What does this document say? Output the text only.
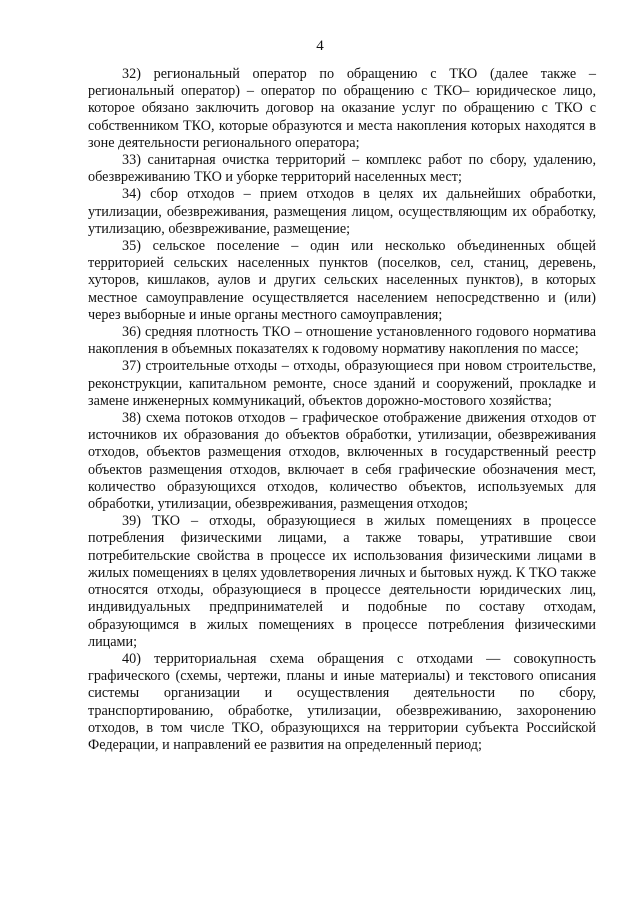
4

32) региональный оператор по обращению с ТКО (далее также – региональный оператор) – оператор по обращению с ТКО– юридическое лицо, которое обязано заключить договор на оказание услуг по обращению с ТКО с собственником ТКО, которые образуются и места накопления которых находятся в зоне деятельности регионального оператора;

33) санитарная очистка территорий – комплекс работ по сбору, удалению, обезвреживанию ТКО и уборке территорий населенных мест;

34) сбор отходов – прием отходов в целях их дальнейших обработки, утилизации, обезвреживания, размещения лицом, осуществляющим их обработку, утилизацию, обезвреживание, размещение;

35) сельское поселение – один или несколько объединенных общей территорией сельских населенных пунктов (поселков, сел, станиц, деревень, хуторов, кишлаков, аулов и других сельских населенных пунктов), в которых местное самоуправление осуществляется населением непосредственно и (или) через выборные и иные органы местного самоуправления;

36) средняя плотность ТКО – отношение установленного годового норматива накопления в объемных показателях к годовому нормативу накопления по массе;

37) строительные отходы – отходы, образующиеся при новом строительстве, реконструкции, капитальном ремонте, сносе зданий и сооружений, прокладке и замене инженерных коммуникаций, объектов дорожно-мостового хозяйства;

38) схема потоков отходов – графическое отображение движения отходов от источников их образования до объектов обработки, утилизации, обезвреживания отходов, объектов размещения отходов, включенных в государственный реестр объектов размещения отходов, включает в себя графические обозначения мест, количество образующихся отходов, количество объектов, используемых для обработки, утилизации, обезвреживания, размещения отходов;

39) ТКО – отходы, образующиеся в жилых помещениях в процессе потребления физическими лицами, а также товары, утратившие свои потребительские свойства в процессе их использования физическими лицами в жилых помещениях в целях удовлетворения личных и бытовых нужд. К ТКО также относятся отходы, образующиеся в процессе деятельности юридических лиц, индивидуальных предпринимателей и подобные по составу отходам, образующимся в жилых помещениях в процессе потребления физическими лицами;

40) территориальная схема обращения с отходами — совокупность графического (схемы, чертежи, планы и иные материалы) и текстового описания системы организации и осуществления деятельности по сбору, транспортированию, обработке, утилизации, обезвреживанию, захоронению отходов, в том числе ТКО, образующихся на территории субъекта Российской Федерации, и направлений ее развития на определенный период;
